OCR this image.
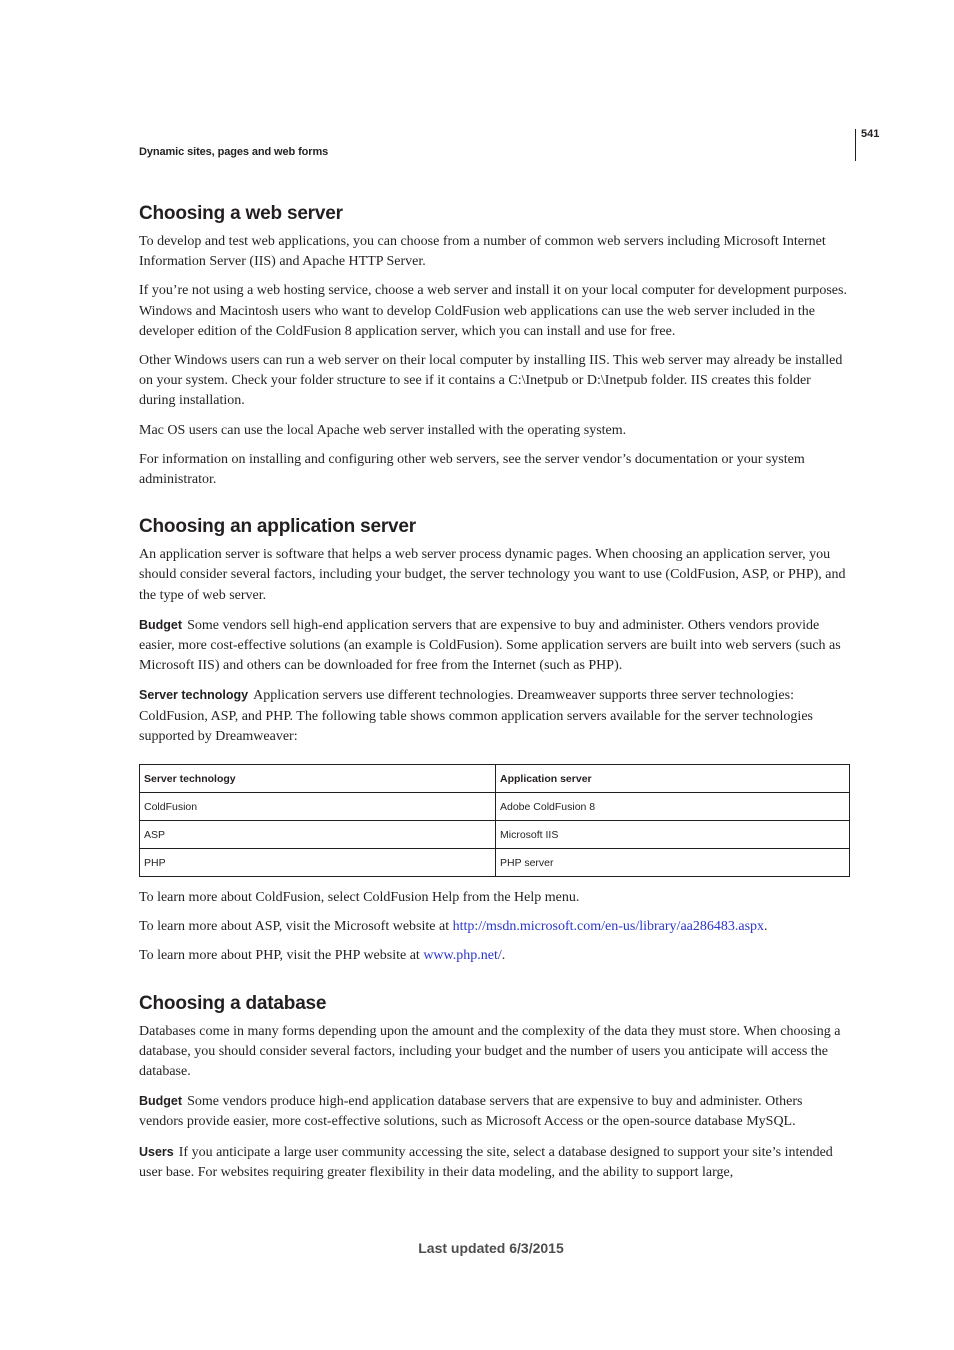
Dynamic sites, pages and web forms
541
Choosing a web server

To develop and test web applications, you can choose from a number of common web servers including Microsoft Internet Information Server (IIS) and Apache HTTP Server.

If you’re not using a web hosting service, choose a web server and install it on your local computer for development purposes. Windows and Macintosh users who want to develop ColdFusion web applications can use the web server included in the developer edition of the ColdFusion 8 application server, which you can install and use for free.

Other Windows users can run a web server on their local computer by installing IIS. This web server may already be installed on your system. Check your folder structure to see if it contains a C:\Inetpub or D:\Inetpub folder. IIS creates this folder during installation.

Mac OS users can use the local Apache web server installed with the operating system.

For information on installing and configuring other web servers, see the server vendor’s documentation or your system administrator.

Choosing an application server

An application server is software that helps a web server process dynamic pages. When choosing an application server, you should consider several factors, including your budget, the server technology you want to use (ColdFusion, ASP, or PHP), and the type of web server.

Budget Some vendors sell high-end application servers that are expensive to buy and administer. Others vendors provide easier, more cost-effective solutions (an example is ColdFusion). Some application servers are built into web servers (such as Microsoft IIS) and others can be downloaded for free from the Internet (such as PHP).

Server technology Application servers use different technologies. Dreamweaver supports three server technologies: ColdFusion, ASP, and PHP. The following table shows common application servers available for the server technologies supported by Dreamweaver:

Server technology	Application server
ColdFusion	Adobe ColdFusion 8
ASP	Microsoft IIS
PHP	PHP server

To learn more about ColdFusion, select ColdFusion Help from the Help menu.

To learn more about ASP, visit the Microsoft website at http://msdn.microsoft.com/en-us/library/aa286483.aspx.

To learn more about PHP, visit the PHP website at www.php.net/.

Choosing a database

Databases come in many forms depending upon the amount and the complexity of the data they must store. When choosing a database, you should consider several factors, including your budget and the number of users you anticipate will access the database.

Budget Some vendors produce high-end application database servers that are expensive to buy and administer. Others vendors provide easier, more cost-effective solutions, such as Microsoft Access or the open-source database MySQL.

Users If you anticipate a large user community accessing the site, select a database designed to support your site’s intended user base. For websites requiring greater flexibility in their data modeling, and the ability to support large,

Last updated 6/3/2015
